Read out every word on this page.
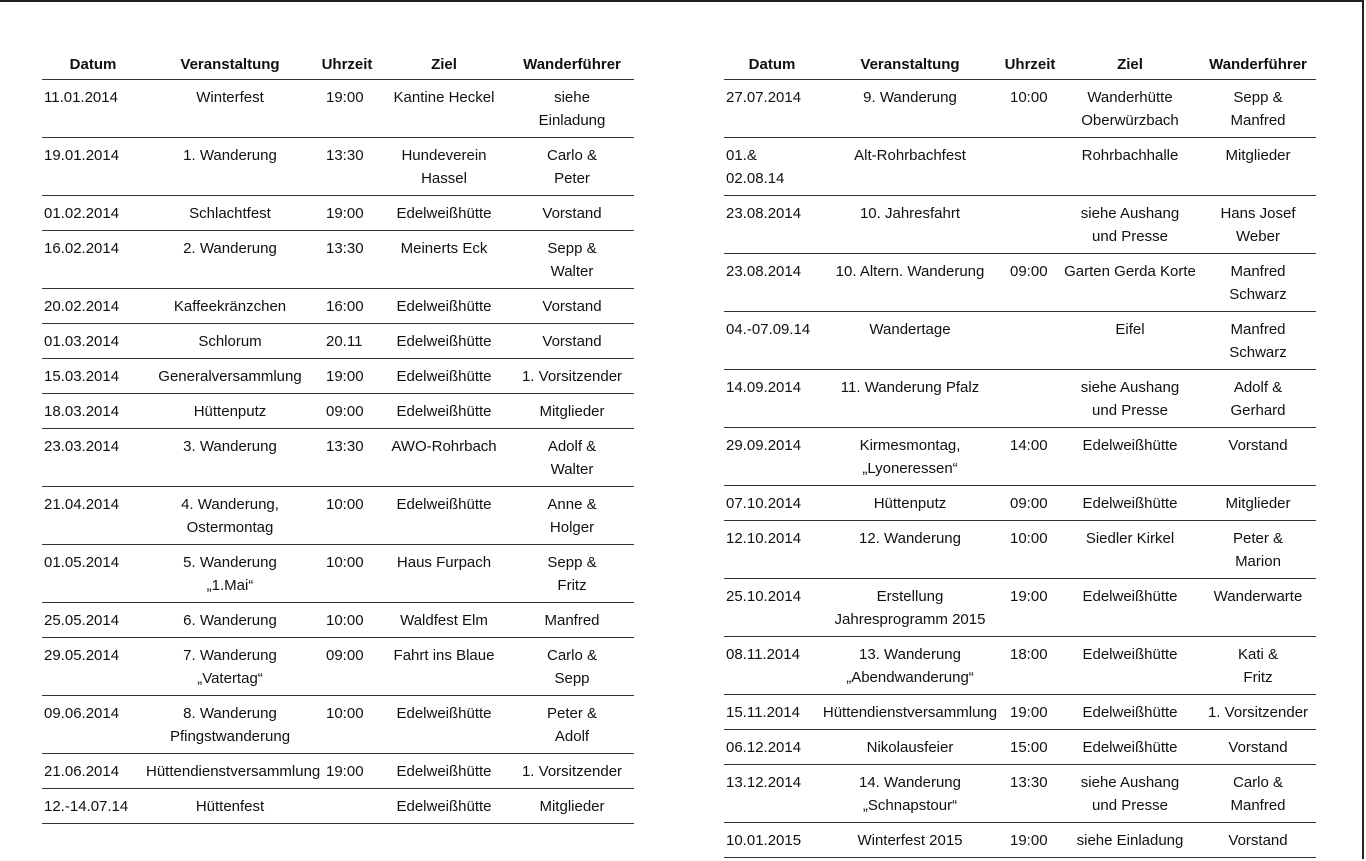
Datum	Veranstaltung	Uhrzeit	Ziel	Wanderführer
11.01.2014	Winterfest	19:00	Kantine Heckel	siehe
Einladung
19.01.2014	1. Wanderung	13:30	Hundeverein Hassel	Carlo &
Peter
01.02.2014	Schlachtfest	19:00	Edelweißhütte	Vorstand
16.02.2014	2. Wanderung	13:30	Meinerts Eck	Sepp &
Walter
20.02.2014	Kaffeekränzchen	16:00	Edelweißhütte	Vorstand
01.03.2014	Schlorum	20.11	Edelweißhütte	Vorstand
15.03.2014	Generalversammlung	19:00	Edelweißhütte	1. Vorsitzender
18.03.2014	Hüttenputz	09:00	Edelweißhütte	Mitglieder
23.03.2014	3. Wanderung	13:30	AWO-Rohrbach	Adolf &
Walter
21.04.2014	4. Wanderung,
Ostermontag	10:00	Edelweißhütte	Anne &
Holger
01.05.2014	5. Wanderung
„1.Mai“	10:00	Haus Furpach	Sepp &
Fritz
25.05.2014	6. Wanderung	10:00	Waldfest Elm	Manfred
29.05.2014	7. Wanderung
„Vatertag“	09:00	Fahrt ins Blaue	Carlo &
Sepp
09.06.2014	8. Wanderung
Pfingstwanderung	10:00	Edelweißhütte	Peter &
Adolf
21.06.2014	Hüttendienstversammlung	19:00	Edelweißhütte	1. Vorsitzender
12.-14.07.14	Hüttenfest		Edelweißhütte	Mitglieder
Datum	Veranstaltung	Uhrzeit	Ziel	Wanderführer
27.07.2014	9. Wanderung	10:00	Wanderhütte
Oberwürzbach	Sepp &
Manfred
01.& 02.08.14	Alt-Rohrbachfest		Rohrbachhalle	Mitglieder
23.08.2014	10. Jahresfahrt		siehe Aushang
und Presse	Hans Josef
Weber
23.08.2014	10. Altern. Wanderung	09:00	Garten Gerda Korte	Manfred
Schwarz
04.-07.09.14	Wandertage		Eifel	Manfred
Schwarz
14.09.2014	11. Wanderung Pfalz		siehe Aushang
und Presse	Adolf &
Gerhard
29.09.2014	Kirmesmontag,
„Lyoneressen“	14:00	Edelweißhütte	Vorstand
07.10.2014	Hüttenputz	09:00	Edelweißhütte	Mitglieder
12.10.2014	12. Wanderung	10:00	Siedler Kirkel	Peter &
Marion
25.10.2014	Erstellung
Jahresprogramm 2015	19:00	Edelweißhütte	Wanderwarte
08.11.2014	13. Wanderung
„Abendwanderung“	18:00	Edelweißhütte	Kati &
Fritz
15.11.2014	Hüttendienstversammlung	19:00	Edelweißhütte	1. Vorsitzender
06.12.2014	Nikolausfeier	15:00	Edelweißhütte	Vorstand
13.12.2014	14. Wanderung
„Schnapstour“	13:30	siehe Aushang
und Presse	Carlo &
Manfred
10.01.2015	Winterfest 2015	19:00	siehe Einladung	Vorstand
